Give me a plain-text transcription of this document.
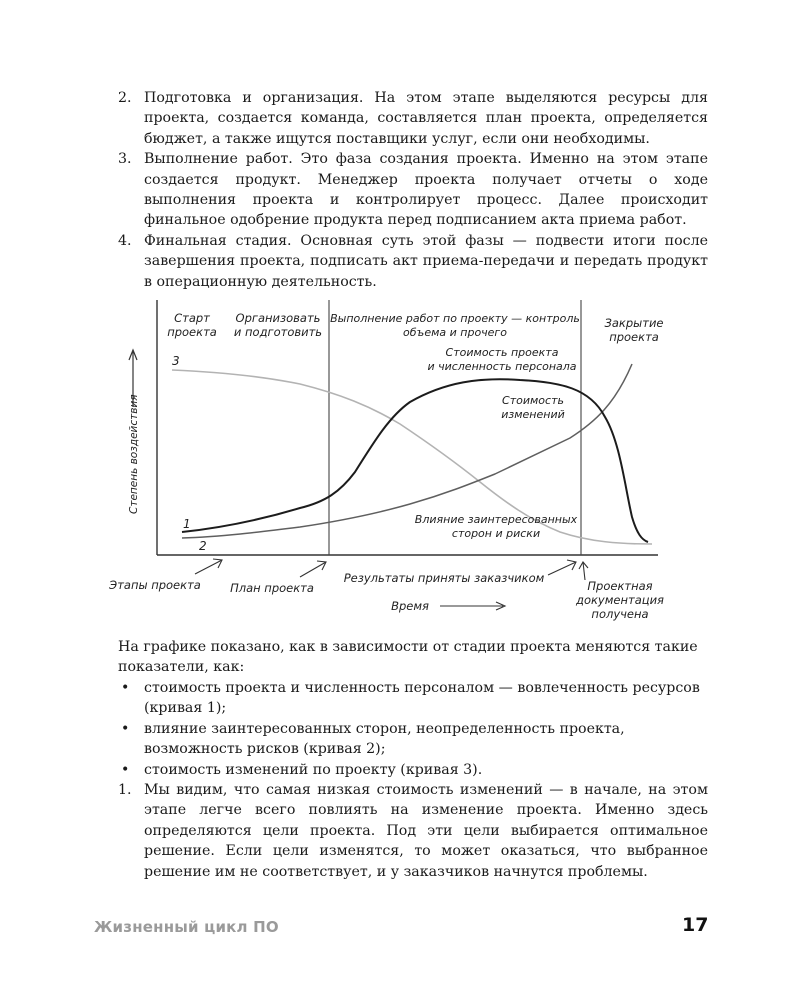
2. Подготовка и организация. На этом этапе выделяются ресурсы для проекта, создается команда, составляется план проекта, определяется бюджет, а также ищутся поставщики услуг, если они необходимы.
3. Выполнение работ. Это фаза создания проекта. Именно на этом этапе создается продукт. Менеджер проекта получает отчеты о ходе выполнения проекта и контролирует процесс. Далее происходит финальное одобрение продукта перед подписанием акта приема работ.
4. Финальная стадия. Основная суть этой фазы — подвести итоги после завершения проекта, подписать акт приема-передачи и передать продукт в операционную деятельность.
Степень воздействия
Старт
проекта
Организовать
и подготовить
Выполнение работ по проекту — контроль
объема и прочего
Закрытие
проекта
3
1
2
Стоимость проекта
и численность персонала
Стоимость
изменений
Влияние заинтересованных
сторон и риски
Этапы проекта	План проекта
Результаты приняты заказчиком
Проектная
документация
получена
Время

На графике показано, как в зависимости от стадии проекта меняются такие показатели, как:

• стоимость проекта и численность персоналом — вовлеченность ресурсов (кривая 1);
• влияние заинтересованных сторон, неопределенность проекта, возможность рисков (кривая 2);
• стоимость изменений по проекту (кривая 3).
1. Мы видим, что самая низкая стоимость изменений — в начале, на этом этапе легче всего повлиять на изменение проекта. Именно здесь определяются цели проекта. Под эти цели выбирается оптимальное решение. Если цели изменятся, то может оказаться, что выбранное решение им не соответствует, и у заказчиков начнутся проблемы.
Жизненный цикл ПО	17
